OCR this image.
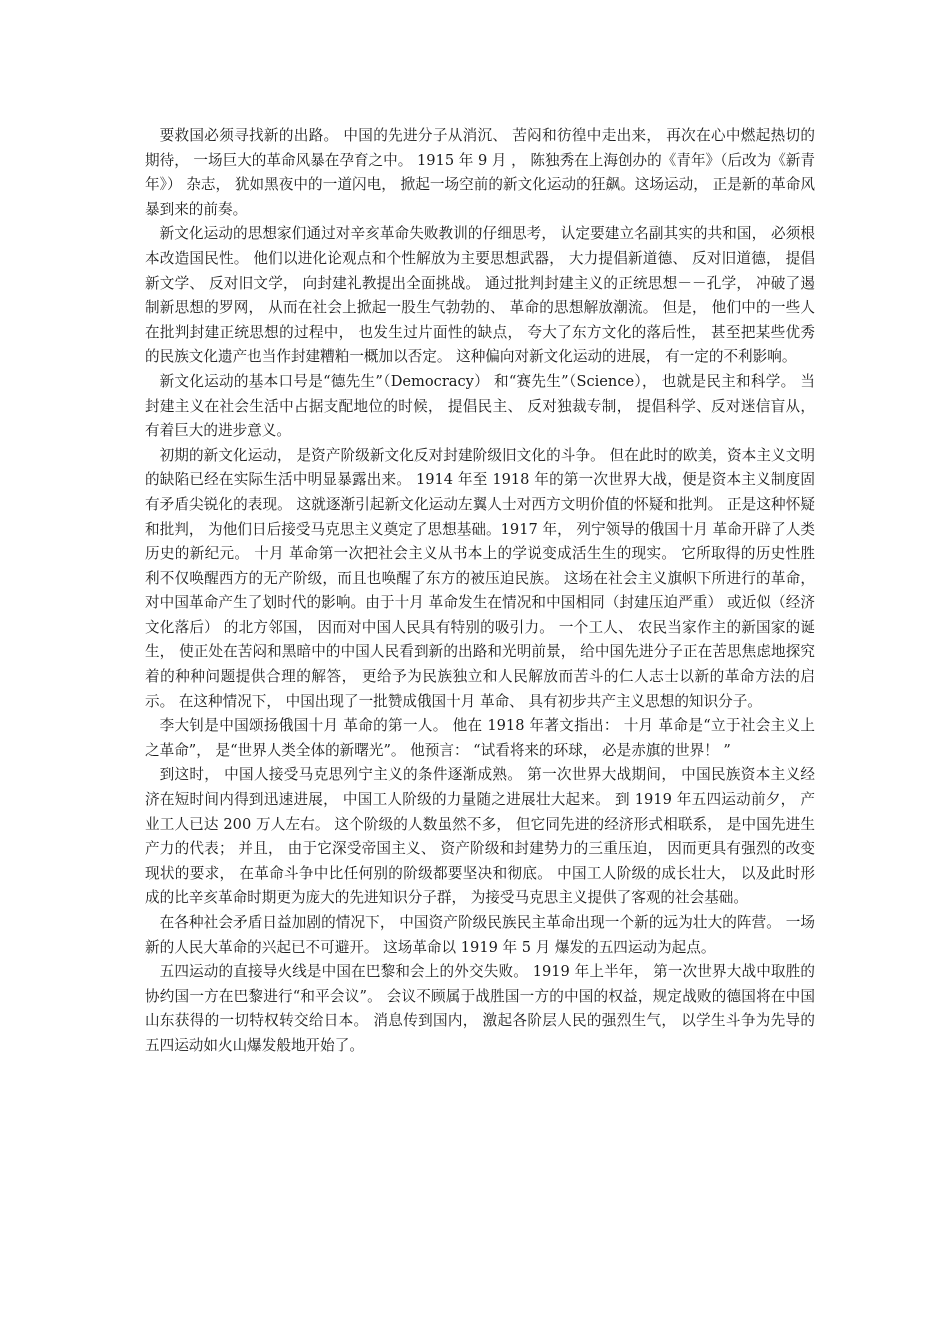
要救国必须寻找新的出路。 中国的先进分子从消沉、 苦闷和彷徨中走出来， 再次在心中燃起热切的期待， 一场巨大的革命风暴在孕育之中。 1915 年 9 月 ， 陈独秀在上海创办的《青年》（后改为《新青年》） 杂志， 犹如黑夜中的一道闪电， 掀起一场空前的新文化运动的狂飙。这场运动， 正是新的革命风暴到来的前奏。

新文化运动的思想家们通过对辛亥革命失败教训的仔细思考， 认定要建立名副其实的共和国， 必须根本改造国民性。 他们以进化论观点和个性解放为主要思想武器， 大力提倡新道德、 反对旧道德， 提倡新文学、 反对旧文学， 向封建礼教提出全面挑战。 通过批判封建主义的正统思想－－孔学， 冲破了遏制新思想的罗网， 从而在社会上掀起一股生气勃勃的、 革命的思想解放潮流。 但是， 他们中的一些人在批判封建正统思想的过程中， 也发生过片面性的缺点， 夸大了东方文化的落后性， 甚至把某些优秀的民族文化遗产也当作封建糟粕一概加以否定。 这种偏向对新文化运动的进展， 有一定的不利影响。

新文化运动的基本口号是“德先生”（Democracy） 和“赛先生”（Science）， 也就是民主和科学。 当封建主义在社会生活中占据支配地位的时候， 提倡民主、 反对独裁专制， 提倡科学、反对迷信盲从， 有着巨大的进步意义。

初期的新文化运动， 是资产阶级新文化反对封建阶级旧文化的斗争。 但在此时的欧美，资本主义文明的缺陷已经在实际生活中明显暴露出来。 1914 年至 1918 年的第一次世界大战，便是资本主义制度固有矛盾尖锐化的表现。 这就逐渐引起新文化运动左翼人士对西方文明价值的怀疑和批判。 正是这种怀疑和批判， 为他们日后接受马克思主义奠定了思想基础。1917 年， 列宁领导的俄国十月 革命开辟了人类历史的新纪元。 十月 革命第一次把社会主义从书本上的学说变成活生生的现实。 它所取得的历史性胜利不仅唤醒西方的无产阶级，而且也唤醒了东方的被压迫民族。 这场在社会主义旗帜下所进行的革命， 对中国革命产生了划时代的影响。由于十月 革命发生在情况和中国相同（封建压迫严重） 或近似（经济文化落后） 的北方邻国， 因而对中国人民具有特别的吸引力。 一个工人、 农民当家作主的新国家的诞生， 使正处在苦闷和黑暗中的中国人民看到新的出路和光明前景， 给中国先进分子正在苦思焦虑地探究着的种种问题提供合理的解答， 更给予为民族独立和人民解放而苦斗的仁人志士以新的革命方法的启示。 在这种情况下， 中国出现了一批赞成俄国十月 革命、 具有初步共产主义思想的知识分子。

李大钊是中国颂扬俄国十月 革命的第一人。 他在 1918 年著文指出： 十月 革命是“立于社会主义上之革命”， 是“世界人类全体的新曙光”。 他预言： “试看将来的环球， 必是赤旗的世界！ ”

到这时， 中国人接受马克思列宁主义的条件逐渐成熟。 第一次世界大战期间， 中国民族资本主义经济在短时间内得到迅速进展， 中国工人阶级的力量随之进展壮大起来。 到 1919 年五四运动前夕， 产业工人已达 200 万人左右。 这个阶级的人数虽然不多， 但它同先进的经济形式相联系， 是中国先进生产力的代表； 并且， 由于它深受帝国主义、 资产阶级和封建势力的三重压迫， 因而更具有强烈的改变现状的要求， 在革命斗争中比任何别的阶级都要坚决和彻底。 中国工人阶级的成长壮大， 以及此时形成的比辛亥革命时期更为庞大的先进知识分子群， 为接受马克思主义提供了客观的社会基础。

在各种社会矛盾日益加剧的情况下， 中国资产阶级民族民主革命出现一个新的远为壮大的阵营。 一场新的人民大革命的兴起已不可避开。 这场革命以 1919 年 5 月 爆发的五四运动为起点。

五四运动的直接导火线是中国在巴黎和会上的外交失败。 1919 年上半年， 第一次世界大战中取胜的协约国一方在巴黎进行“和平会议”。 会议不顾属于战胜国一方的中国的权益，规定战败的德国将在中国山东获得的一切特权转交给日本。 消息传到国内， 激起各阶层人民的强烈生气， 以学生斗争为先导的五四运动如火山爆发般地开始了。
